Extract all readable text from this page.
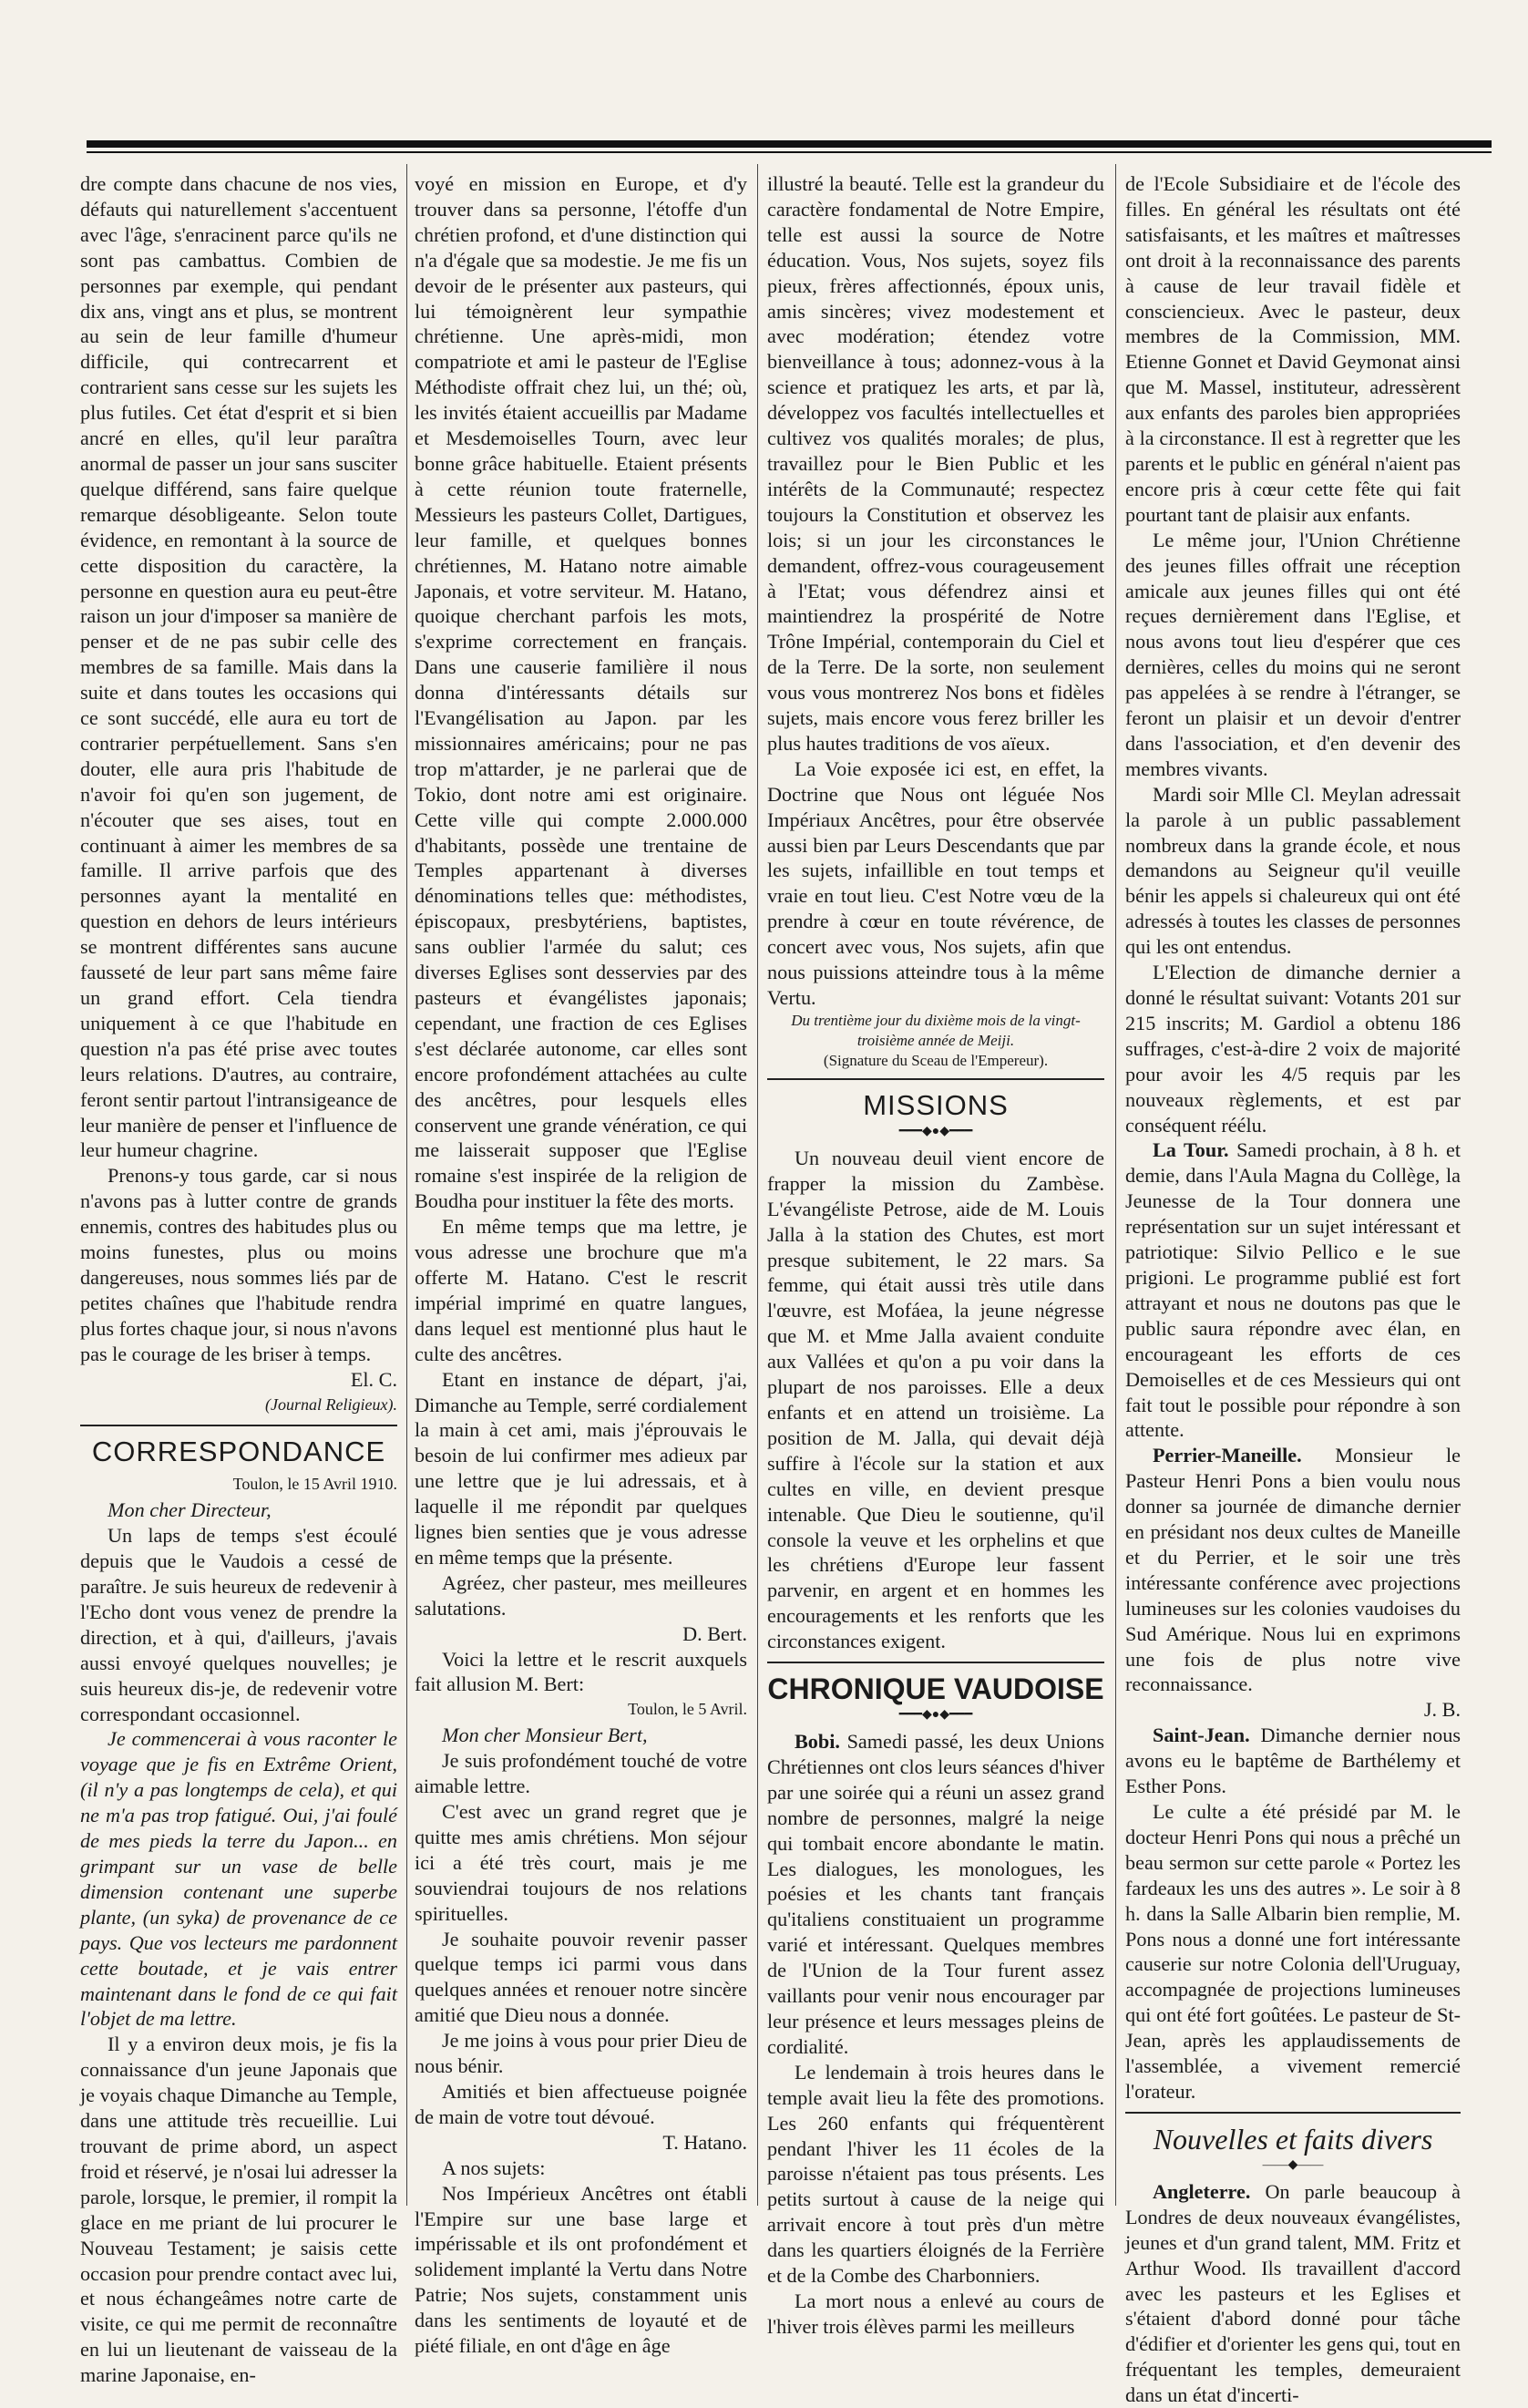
dre compte dans chacune de nos vies, défauts qui naturellement s'accentuent avec l'âge, s'enracinent parce qu'ils ne sont pas cambattus. Combien de personnes par exemple, qui pendant dix ans, vingt ans et plus, se montrent au sein de leur famille d'humeur difficile, qui contrecarrent et contrarient sans cesse sur les sujets les plus futiles. Cet état d'esprit et si bien ancré en elles, qu'il leur paraîtra anormal de passer un jour sans susciter quelque différend, sans faire quelque remarque désobligeante. Selon toute évidence, en remontant à la source de cette disposition du caractère, la personne en question aura eu peut-être raison un jour d'imposer sa manière de penser et de ne pas subir celle des membres de sa famille. Mais dans la suite et dans toutes les occasions qui ce sont succédé, elle aura eu tort de contrarier perpétuellement. Sans s'en douter, elle aura pris l'habitude de n'avoir foi qu'en son jugement, de n'écouter que ses aises, tout en continuant à aimer les membres de sa famille. Il arrive parfois que des personnes ayant la mentalité en question en dehors de leurs intérieurs se montrent différentes sans aucune fausseté de leur part sans même faire un grand effort. Cela tiendra uniquement à ce que l'habitude en question n'a pas été prise avec toutes leurs relations. D'autres, au contraire, feront sentir partout l'intransigeance de leur manière de penser et l'influence de leur humeur chagrine.

Prenons-y tous garde, car si nous n'avons pas à lutter contre de grands ennemis, contres des habitudes plus ou moins funestes, plus ou moins dangereuses, nous sommes liés par de petites chaînes que l'habitude rendra plus fortes chaque jour, si nous n'avons pas le courage de les briser à temps.

El. C.
(Journal Religieux).
CORRESPONDANCE
Toulon, le 15 Avril 1910.

Mon cher Directeur,

Un laps de temps s'est écoulé depuis que le Vaudois a cessé de paraître. Je suis heureux de redevenir à l'Echo dont vous venez de prendre la direction, et à qui, d'ailleurs, j'avais aussi envoyé quelques nouvelles; je suis heureux dis-je, de redevenir votre correspondant occasionnel.

Je commencerai à vous raconter le voyage que je fis en Extrême Orient, (il n'y a pas longtemps de cela), et qui ne m'a pas trop fatigué. Oui, j'ai foulé de mes pieds la terre du Japon... en grimpant sur un vase de belle dimension contenant une superbe plante, (un syka) de provenance de ce pays. Que vos lecteurs me pardonnent cette boutade, et je vais entrer maintenant dans le fond de ce qui fait l'objet de ma lettre.

Il y a environ deux mois, je fis la connaissance d'un jeune Japonais que je voyais chaque Dimanche au Temple, dans une attitude très recueillie. Lui trouvant de prime abord, un aspect froid et réservé, je n'osai lui adresser la parole, lorsque, le premier, il rompit la glace en me priant de lui procurer le Nouveau Testament; je saisis cette occasion pour prendre contact avec lui, et nous échangeâmes notre carte de visite, ce qui me permit de reconnaître en lui un lieutenant de vaisseau de la marine Japonaise, en-

voyé en mission en Europe, et d'y trouver dans sa personne, l'étoffe d'un chrétien profond, et d'une distinction qui n'a d'égale que sa modestie. Je me fis un devoir de le présenter aux pasteurs, qui lui témoignèrent leur sympathie chrétienne. Une après-midi, mon compatriote et ami le pasteur de l'Eglise Méthodiste offrait chez lui, un thé; où, les invités étaient accueillis par Madame et Mesdemoiselles Tourn, avec leur bonne grâce habituelle. Etaient présents à cette réunion toute fraternelle, Messieurs les pasteurs Collet, Dartigues, leur famille, et quelques bonnes chrétiennes, M. Hatano notre aimable Japonais, et votre serviteur. M. Hatano, quoique cherchant parfois les mots, s'exprime correctement en français. Dans une causerie familière il nous donna d'intéressants détails sur l'Evangélisation au Japon. par les missionnaires américains; pour ne pas trop m'attarder, je ne parlerai que de Tokio, dont notre ami est originaire. Cette ville qui compte 2.000.000 d'habitants, possède une trentaine de Temples appartenant à diverses dénominations telles que: méthodistes, épiscopaux, presbytériens, baptistes, sans oublier l'armée du salut; ces diverses Eglises sont desservies par des pasteurs et évangélistes japonais; cependant, une fraction de ces Eglises s'est déclarée autonome, car elles sont encore profondément attachées au culte des ancêtres, pour lesquels elles conservent une grande vénération, ce qui me laisserait supposer que l'Eglise romaine s'est inspirée de la religion de Boudha pour instituer la fête des morts.

En même temps que ma lettre, je vous adresse une brochure que m'a offerte M. Hatano. C'est le rescrit impérial imprimé en quatre langues, dans lequel est mentionné plus haut le culte des ancêtres.

Etant en instance de départ, j'ai, Dimanche au Temple, serré cordialement la main à cet ami, mais j'éprouvais le besoin de lui confirmer mes adieux par une lettre que je lui adressais, et à laquelle il me répondit par quelques lignes bien senties que je vous adresse en même temps que la présente.

Agréez, cher pasteur, mes meilleures salutations.

D. Bert.

Voici la lettre et le rescrit auxquels fait allusion M. Bert:

Toulon, le 5 Avril.

Mon cher Monsieur Bert,

Je suis profondément touché de votre aimable lettre.

C'est avec un grand regret que je quitte mes amis chrétiens. Mon séjour ici a été très court, mais je me souviendrai toujours de nos relations spirituelles.

Je souhaite pouvoir revenir passer quelque temps ici parmi vous dans quelques années et renouer notre sincère amitié que Dieu nous a donnée.

Je me joins à vous pour prier Dieu de nous bénir.

Amitiés et bien affectueuse poignée de main de votre tout dévoué.

T. Hatano.

A nos sujets:

Nos Impérieux Ancêtres ont établi l'Empire sur une base large et impérissable et ils ont profondément et solidement implanté la Vertu dans Notre Patrie; Nos sujets, constamment unis dans les sentiments de loyauté et de piété filiale, en ont d'âge en âge

illustré la beauté. Telle est la grandeur du caractère fondamental de Notre Empire, telle est aussi la source de Notre éducation. Vous, Nos sujets, soyez fils pieux, frères affectionnés, époux unis, amis sincères; vivez modestement et avec modération; étendez votre bienveillance à tous; adonnez-vous à la science et pratiquez les arts, et par là, développez vos facultés intellectuelles et cultivez vos qualités morales; de plus, travaillez pour le Bien Public et les intérêts de la Communauté; respectez toujours la Constitution et observez les lois; si un jour les circonstances le demandent, offrez-vous courageusement à l'Etat; vous défendrez ainsi et maintiendrez la prospérité de Notre Trône Impérial, contemporain du Ciel et de la Terre. De la sorte, non seulement vous vous montrerez Nos bons et fidèles sujets, mais encore vous ferez briller les plus hautes traditions de vos aïeux.

La Voie exposée ici est, en effet, la Doctrine que Nous ont léguée Nos Impériaux Ancêtres, pour être observée aussi bien par Leurs Descendants que par les sujets, infaillible en tout temps et vraie en tout lieu. C'est Notre vœu de la prendre à cœur en toute révérence, de concert avec vous, Nos sujets, afin que nous puissions atteindre tous à la même Vertu.

Du trentième jour du dixième mois de la vingt-troisième année de Meiji.
(Signature du Sceau de l'Empereur).
MISSIONS
━━━◆●◆━━━

Un nouveau deuil vient encore de frapper la mission du Zambèse. L'évangéliste Petrose, aide de M. Louis Jalla à la station des Chutes, est mort presque subitement, le 22 mars. Sa femme, qui était aussi très utile dans l'œuvre, est Mofáea, la jeune négresse que M. et Mme Jalla avaient conduite aux Vallées et qu'on a pu voir dans la plupart de nos paroisses. Elle a deux enfants et en attend un troisième. La position de M. Jalla, qui devait déjà suffire à l'école sur la station et aux cultes en ville, en devient presque intenable. Que Dieu le soutienne, qu'il console la veuve et les orphelins et que les chrétiens d'Europe leur fassent parvenir, en argent et en hommes les encouragements et les renforts que les circonstances exigent.

CHRONIQUE VAUDOISE
━━━◆●◆━━━

Bobi. Samedi passé, les deux Unions Chrétiennes ont clos leurs séances d'hiver par une soirée qui a réuni un assez grand nombre de personnes, malgré la neige qui tombait encore abondante le matin. Les dialogues, les monologues, les poésies et les chants tant français qu'italiens constituaient un programme varié et intéressant. Quelques membres de l'Union de la Tour furent assez vaillants pour venir nous encourager par leur présence et leurs messages pleins de cordialité.

Le lendemain à trois heures dans le temple avait lieu la fête des promotions. Les 260 enfants qui fréquentèrent pendant l'hiver les 11 écoles de la paroisse n'étaient pas tous présents. Les petits surtout à cause de la neige qui arrivait encore à tout près d'un mètre dans les quartiers éloignés de la Ferrière et de la Combe des Charbonniers.

La mort nous a enlevé au cours de l'hiver trois élèves parmi les meilleurs

de l'Ecole Subsidiaire et de l'école des filles. En général les résultats ont été satisfaisants, et les maîtres et maîtresses ont droit à la reconnaissance des parents à cause de leur travail fidèle et consciencieux. Avec le pasteur, deux membres de la Commission, MM. Etienne Gonnet et David Geymonat ainsi que M. Massel, instituteur, adressèrent aux enfants des paroles bien appropriées à la circonstance. Il est à regretter que les parents et le public en général n'aient pas encore pris à cœur cette fête qui fait pourtant tant de plaisir aux enfants.

Le même jour, l'Union Chrétienne des jeunes filles offrait une réception amicale aux jeunes filles qui ont été reçues dernièrement dans l'Eglise, et nous avons tout lieu d'espérer que ces dernières, celles du moins qui ne seront pas appelées à se rendre à l'étranger, se feront un plaisir et un devoir d'entrer dans l'association, et d'en devenir des membres vivants.

Mardi soir Mlle Cl. Meylan adressait la parole à un public passablement nombreux dans la grande école, et nous demandons au Seigneur qu'il veuille bénir les appels si chaleureux qui ont été adressés à toutes les classes de personnes qui les ont entendus.

L'Election de dimanche dernier a donné le résultat suivant: Votants 201 sur 215 inscrits; M. Gardiol a obtenu 186 suffrages, c'est-à-dire 2 voix de majorité pour avoir les 4/5 requis par les nouveaux règlements, et est par conséquent réélu.

La Tour. Samedi prochain, à 8 h. et demie, dans l'Aula Magna du Collège, la Jeunesse de la Tour donnera une représentation sur un sujet intéressant et patriotique: Silvio Pellico e le sue prigioni. Le programme publié est fort attrayant et nous ne doutons pas que le public saura répondre avec élan, en encourageant les efforts de ces Demoiselles et de ces Messieurs qui ont fait tout le possible pour répondre à son attente.

Perrier-Maneille. Monsieur le Pasteur Henri Pons a bien voulu nous donner sa journée de dimanche dernier en présidant nos deux cultes de Maneille et du Perrier, et le soir une très intéressante conférence avec projections lumineuses sur les colonies vaudoises du Sud Amérique. Nous lui en exprimons une fois de plus notre vive reconnaissance.

J. B.

Saint-Jean. Dimanche dernier nous avons eu le baptême de Barthélemy et Esther Pons.

Le culte a été présidé par M. le docteur Henri Pons qui nous a prêché un beau sermon sur cette parole « Portez les fardeaux les uns des autres ». Le soir à 8 h. dans la Salle Albarin bien remplie, M. Pons nous a donné une fort intéressante causerie sur notre Colonia dell'Uruguay, accompagnée de projections lumineuses qui ont été fort goûtées. Le pasteur de St-Jean, après les applaudissements de l'assemblée, a vivement remercié l'orateur.

Nouvelles et faits divers
——◆——

Angleterre. On parle beaucoup à Londres de deux nouveaux évangélistes, jeunes et d'un grand talent, MM. Fritz et Arthur Wood. Ils travaillent d'accord avec les pasteurs et les Eglises et s'étaient d'abord donné pour tâche d'édifier et d'orienter les gens qui, tout en fréquentant les temples, demeuraient dans un état d'incerti-
